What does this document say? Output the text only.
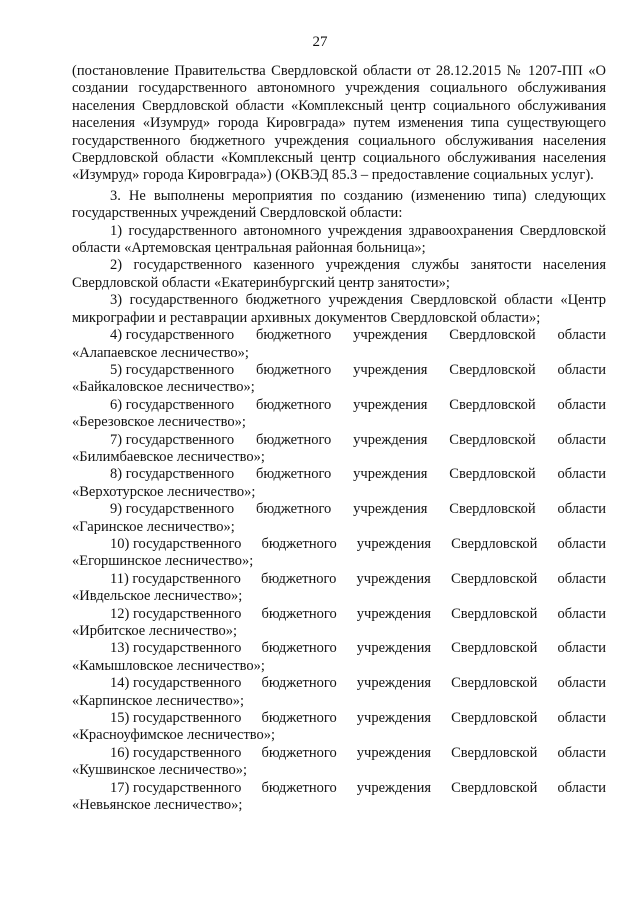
27

(постановление Правительства Свердловской области от 28.12.2015 № 1207-ПП «О создании государственного автономного учреждения социального обслуживания населения Свердловской области «Комплексный центр социального обслуживания населения «Изумруд» города Кировграда» путем изменения типа существующего государственного бюджетного учреждения социального обслуживания населения Свердловской области «Комплексный центр социального обслуживания населения «Изумруд» города Кировграда») (ОКВЭД 85.3 – предоставление социальных услуг).

3. Не выполнены мероприятия по созданию (изменению типа) следующих государственных учреждений Свердловской области:

1) государственного автономного учреждения здравоохранения Свердловской области «Артемовская центральная районная больница»;

2) государственного казенного учреждения службы занятости населения Свердловской области «Екатеринбургский центр занятости»;

3) государственного бюджетного учреждения Свердловской области «Центр микрографии и реставрации архивных документов Свердловской области»;

4) государственного бюджетного учреждения Свердловской области
«Алапаевское лесничество»;
5) государственного бюджетного учреждения Свердловской области
«Байкаловское лесничество»;
6) государственного бюджетного учреждения Свердловской области
«Березовское лесничество»;
7) государственного бюджетного учреждения Свердловской области
«Билимбаевское лесничество»;
8) государственного бюджетного учреждения Свердловской области
«Верхотурское лесничество»;
9) государственного бюджетного учреждения Свердловской области
«Гаринское лесничество»;
10) государственного бюджетного учреждения Свердловской области
«Егоршинское лесничество»;
11) государственного бюджетного учреждения Свердловской области
«Ивдельское лесничество»;
12) государственного бюджетного учреждения Свердловской области
«Ирбитское лесничество»;
13) государственного бюджетного учреждения Свердловской области
«Камышловское лесничество»;
14) государственного бюджетного учреждения Свердловской области
«Карпинское лесничество»;
15) государственного бюджетного учреждения Свердловской области
«Красноуфимское лесничество»;
16) государственного бюджетного учреждения Свердловской области
«Кушвинское лесничество»;
17) государственного бюджетного учреждения Свердловской области
«Невьянское лесничество»;
